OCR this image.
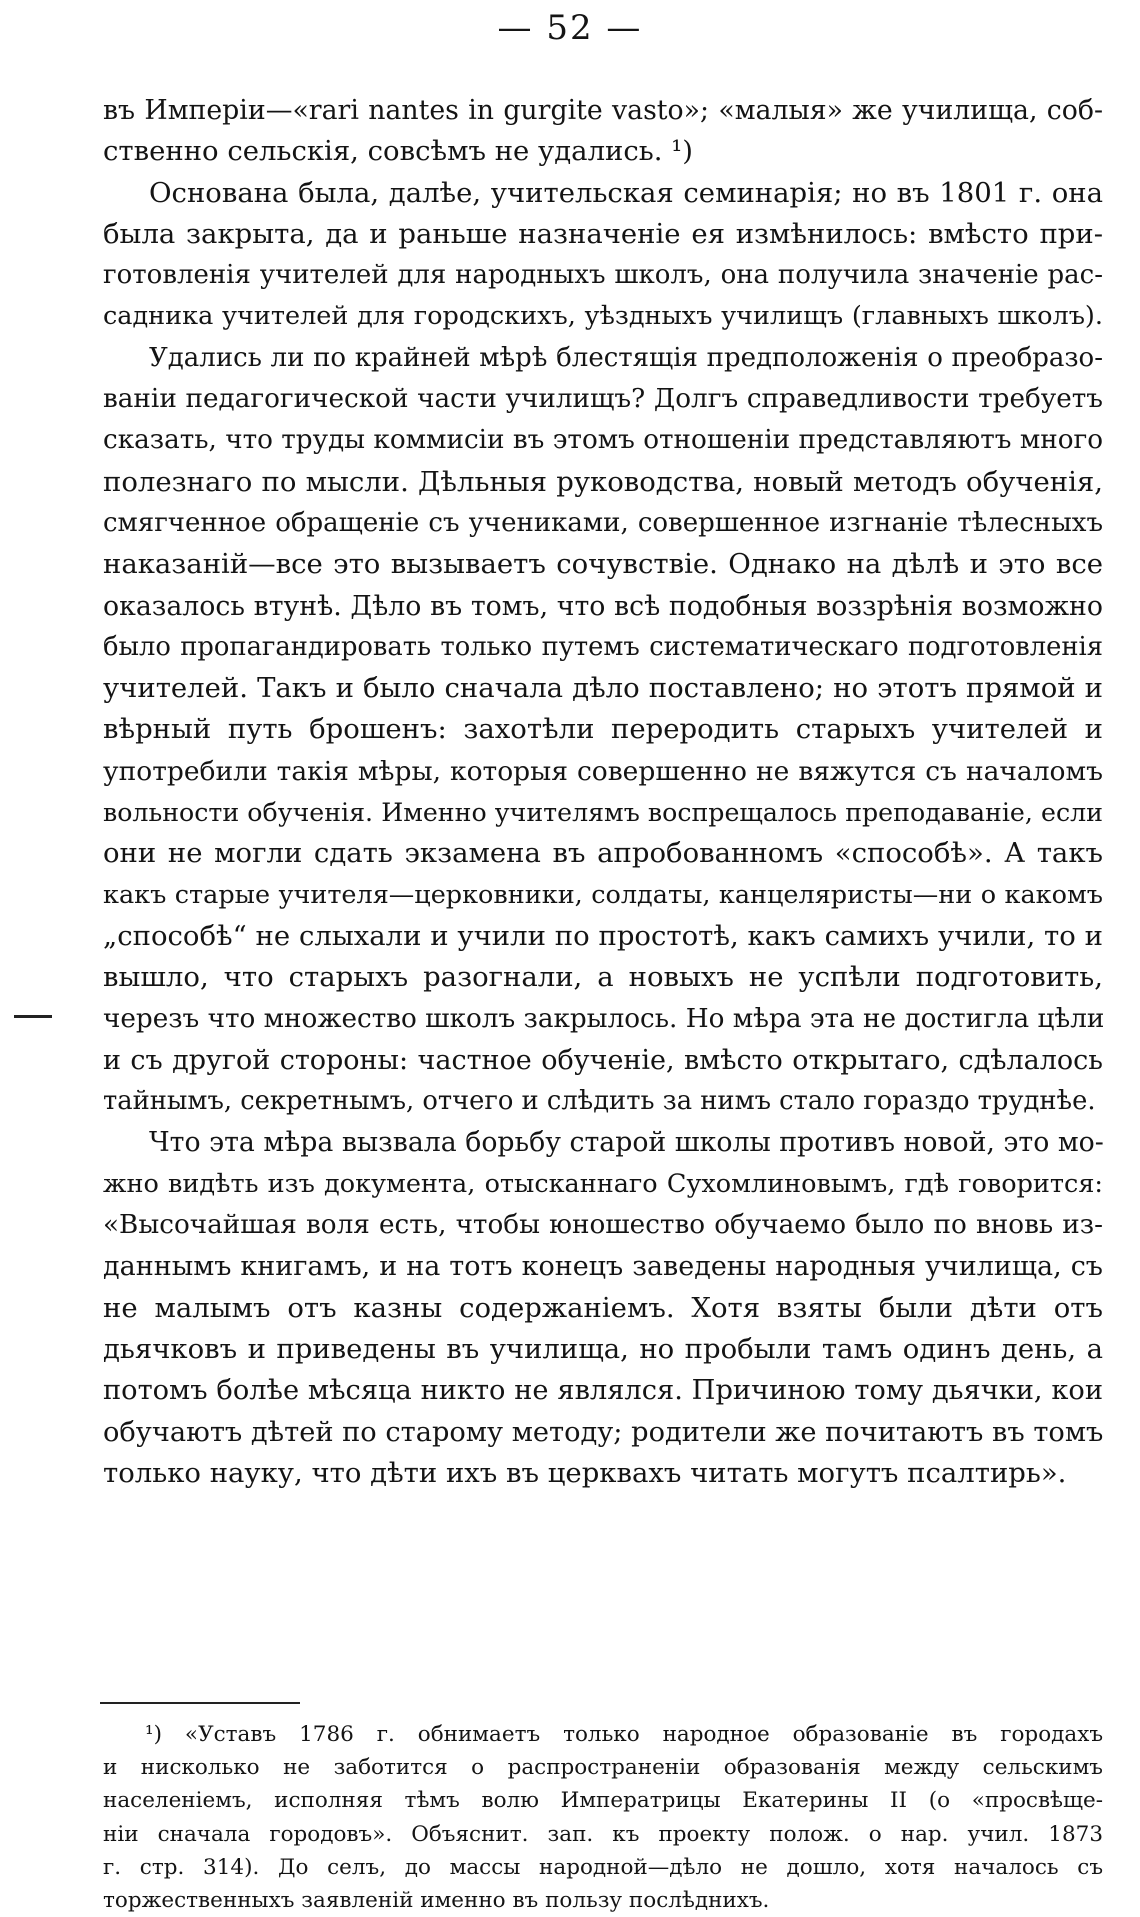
— 52 —
въ Имперіи—«rari nantes in gurgite vasto»; «малыя» же училища, соб-
ственно сельскія, совсѣмъ не удались. ¹)
Основана была, далѣе, учительская семинарія; но въ 1801 г. она
была закрыта, да и раньше назначеніе ея измѣнилось: вмѣсто при-
готовленія учителей для народныхъ школъ, она получила значеніе рас-
садника учителей для городскихъ, уѣздныхъ училищъ (главныхъ школъ).
Удались ли по крайней мѣрѣ блестящія предположенія о преобразо-
ваніи педагогической части училищъ? Долгъ справедливости требуетъ
сказать, что труды коммисіи въ этомъ отношеніи представляютъ много
полезнаго по мысли. Дѣльныя руководства, новый методъ обученія,
смягченное обращеніе съ учениками, совершенное изгнаніе тѣлесныхъ
наказаній—все это вызываетъ сочувствіе. Однако на дѣлѣ и это все
оказалось втунѣ. Дѣло въ томъ, что всѣ подобныя воззрѣнія возможно
было пропагандировать только путемъ систематическаго подготовленія
учителей. Такъ и было сначала дѣло поставлено; но этотъ прямой и
вѣрный путь брошенъ: захотѣли переродить старыхъ учителей и
употребили такія мѣры, которыя совершенно не вяжутся съ началомъ
вольности обученія. Именно учителямъ воспрещалось преподаваніе, если
они не могли сдать экзамена въ апробованномъ «способѣ». А такъ
какъ старые учителя—церковники, солдаты, канцеляристы—ни о какомъ
„способѣ“ не слыхали и учили по простотѣ, какъ самихъ учили, то и
вышло, что старыхъ разогнали, а новыхъ не успѣли подготовить,
черезъ что множество школъ закрылось. Но мѣра эта не достигла цѣли
и съ другой стороны: частное обученіе, вмѣсто открытаго, сдѣлалось
тайнымъ, секретнымъ, отчего и слѣдить за нимъ стало гораздо труднѣе.
Что эта мѣра вызвала борьбу старой школы противъ новой, это мо-
жно видѣть изъ документа, отысканнаго Сухомлиновымъ, гдѣ говорится:
«Высочайшая воля есть, чтобы юношество обучаемо было по вновь из-
даннымъ книгамъ, и на тотъ конецъ заведены народныя училища, съ
не малымъ отъ казны содержаніемъ. Хотя взяты были дѣти отъ
дьячковъ и приведены въ училища, но пробыли тамъ одинъ день, а
потомъ болѣе мѣсяца никто не являлся. Причиною тому дьячки, кои
обучаютъ дѣтей по старому методу; родители же почитаютъ въ томъ
только науку, что дѣти ихъ въ церквахъ читать могутъ псалтирь».
¹) «Уставъ 1786 г. обнимаетъ только народное образованіе въ городахъ
и нисколько не заботится о распространеніи образованія между сельскимъ
населеніемъ, исполняя тѣмъ волю Императрицы Екатерины II (о «просвѣще-
ніи сначала городовъ». Объяснит. зап. къ проекту полож. о нар. учил. 1873
г. стр. 314). До селъ, до массы народной—дѣло не дошло, хотя началось съ
торжественныхъ заявленій именно въ пользу послѣднихъ.
